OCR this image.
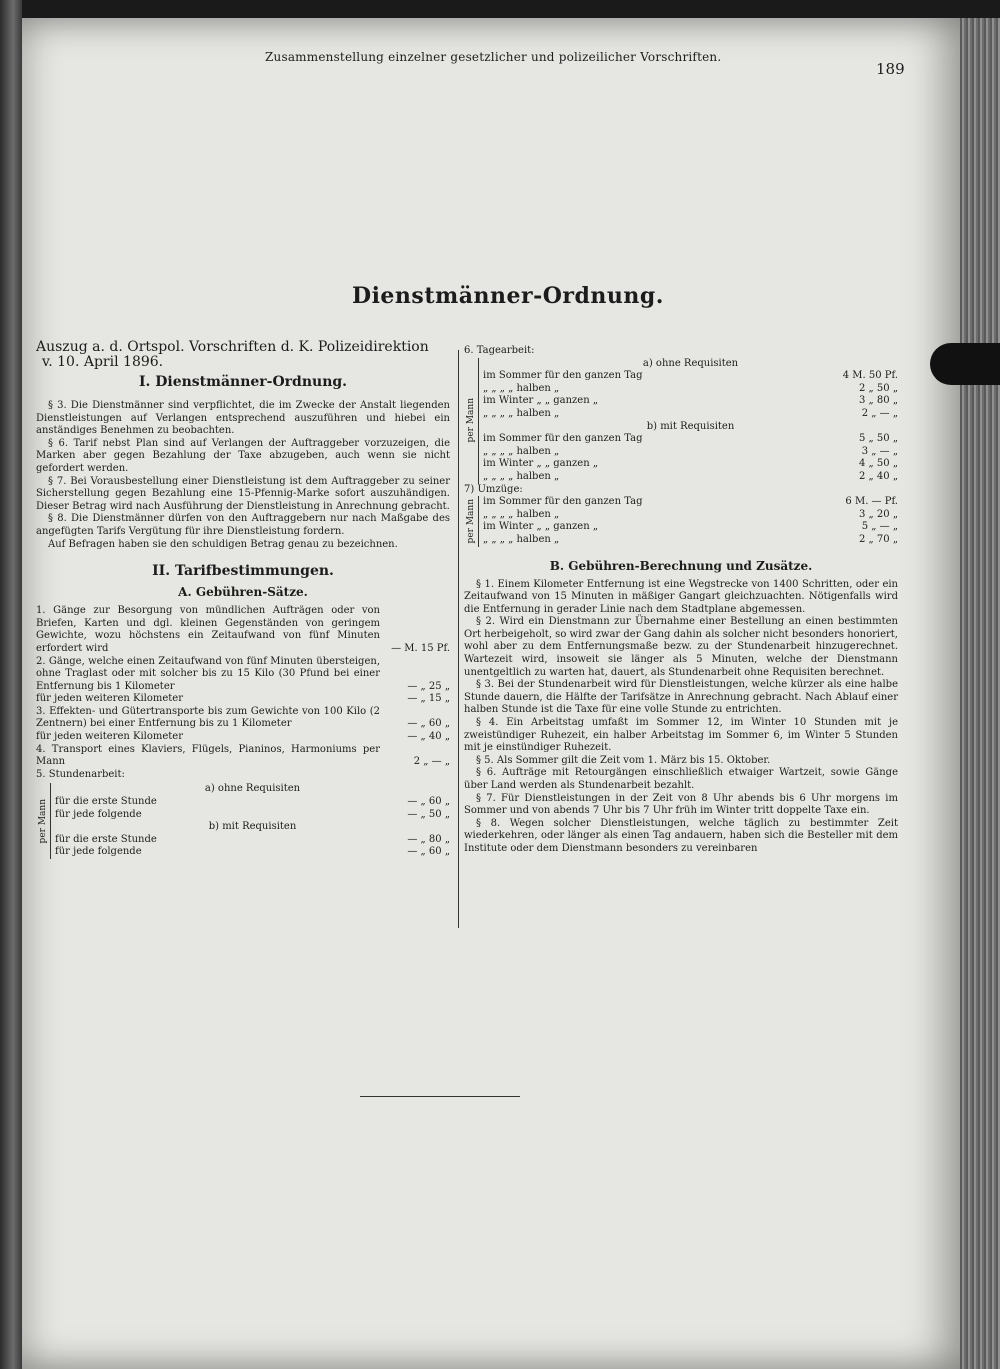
Zusammenstellung einzelner gesetzlicher und polizeilicher Vorschriften.
189
Dienstmänner-Ordnung.
Auszug a. d. Ortspol. Vorschriften d. K. Polizeidirektion
v. 10. April 1896.
I. Dienstmänner-Ordnung.

§ 3. Die Dienstmänner sind verpflichtet, die im Zwecke der Anstalt liegenden Dienstleistungen auf Verlangen entsprechend auszuführen und hiebei ein anständiges Benehmen zu beobachten.

§ 6. Tarif nebst Plan sind auf Verlangen der Auftraggeber vorzuzeigen, die Marken aber gegen Bezahlung der Taxe abzugeben, auch wenn sie nicht gefordert werden.

§ 7. Bei Vorausbestellung einer Dienstleistung ist dem Auftraggeber zu seiner Sicherstellung gegen Bezahlung eine 15-Pfennig-Marke sofort auszuhändigen. Dieser Betrag wird nach Ausführung der Dienstleistung in Anrechnung gebracht.

§ 8. Die Dienstmänner dürfen von den Auftraggebern nur nach Maßgabe des angefügten Tarifs Vergütung für ihre Dienstleistung fordern.

Auf Befragen haben sie den schuldigen Betrag genau zu bezeichnen.

II. Tarifbestimmungen.
A. Gebühren-Sätze.
1. Gänge zur Besorgung von mündlichen Aufträgen oder von Briefen, Karten und dgl. kleinen Gegenständen von geringem Gewichte, wozu höchstens ein Zeitaufwand von fünf Minuten erfordert wird	— M. 15 Pf.
2. Gänge, welche einen Zeitaufwand von fünf Minuten übersteigen, ohne Traglast oder mit solcher bis zu 15 Kilo (30 Pfund bei einer Entfernung bis 1 Kilometer	— „ 25 „
für jeden weiteren Kilometer	— „ 15 „
3. Effekten- und Gütertransporte bis zum Gewichte von 100 Kilo (2 Zentnern) bei einer Entfernung bis zu 1 Kilometer	— „ 60 „
für jeden weiteren Kilometer	— „ 40 „
4. Transport eines Klaviers, Flügels, Pianinos, Harmoniums per Mann	2 „ — „
5. Stundenarbeit:
per Mann
a) ohne Requisiten
für die erste Stunde	— „ 60 „
für jede folgende	— „ 50 „
b) mit Requisiten
für die erste Stunde	— „ 80 „
für jede folgende	— „ 60 „
6. Tagearbeit:
per Mann
a) ohne Requisiten
im Sommer für den ganzen Tag	4 M. 50 Pf.
„ „ „ „ halben „	2 „ 50 „
im Winter „ „ ganzen „	3 „ 80 „
„ „ „ „ halben „	2 „ — „
b) mit Requisiten
im Sommer für den ganzen Tag	5 „ 50 „
„ „ „ „ halben „	3 „ — „
im Winter „ „ ganzen „	4 „ 50 „
„ „ „ „ halben „	2 „ 40 „
7) Umzüge:
per Mann im Sommer für den ganzen Tag	6 M. — Pf.
„ „ „ „ halben „	3 „ 20 „
im Winter „ „ ganzen „	5 „ — „
„ „ „ „ halben „	2 „ 70 „
B. Gebühren-Berechnung und Zusätze.

§ 1. Einem Kilometer Entfernung ist eine Wegstrecke von 1400 Schritten, oder ein Zeitaufwand von 15 Minuten in mäßiger Gangart gleichzuachten. Nötigenfalls wird die Entfernung in gerader Linie nach dem Stadtplane abgemessen.

§ 2. Wird ein Dienstmann zur Übernahme einer Bestellung an einen bestimmten Ort herbeigeholt, so wird zwar der Gang dahin als solcher nicht besonders honoriert, wohl aber zu dem Entfernungsmaße bezw. zu der Stundenarbeit hinzugerechnet. Wartezeit wird, insoweit sie länger als 5 Minuten, welche der Dienstmann unentgeltlich zu warten hat, dauert, als Stundenarbeit ohne Requisiten berechnet.

§ 3. Bei der Stundenarbeit wird für Dienstleistungen, welche kürzer als eine halbe Stunde dauern, die Hälfte der Tarifsätze in Anrechnung gebracht. Nach Ablauf einer halben Stunde ist die Taxe für eine volle Stunde zu entrichten.

§ 4. Ein Arbeitstag umfaßt im Sommer 12, im Winter 10 Stunden mit je zweistündiger Ruhezeit, ein halber Arbeitstag im Sommer 6, im Winter 5 Stunden mit je einstündiger Ruhezeit.

§ 5. Als Sommer gilt die Zeit vom 1. März bis 15. Oktober.

§ 6. Aufträge mit Retourgängen einschließlich etwaiger Wartzeit, sowie Gänge über Land werden als Stundenarbeit bezahlt.

§ 7. Für Dienstleistungen in der Zeit von 8 Uhr abends bis 6 Uhr morgens im Sommer und von abends 7 Uhr bis 7 Uhr früh im Winter tritt doppelte Taxe ein.

§ 8. Wegen solcher Dienstleistungen, welche täglich zu bestimmter Zeit wiederkehren, oder länger als einen Tag andauern, haben sich die Besteller mit dem Institute oder dem Dienstmann besonders zu vereinbaren
